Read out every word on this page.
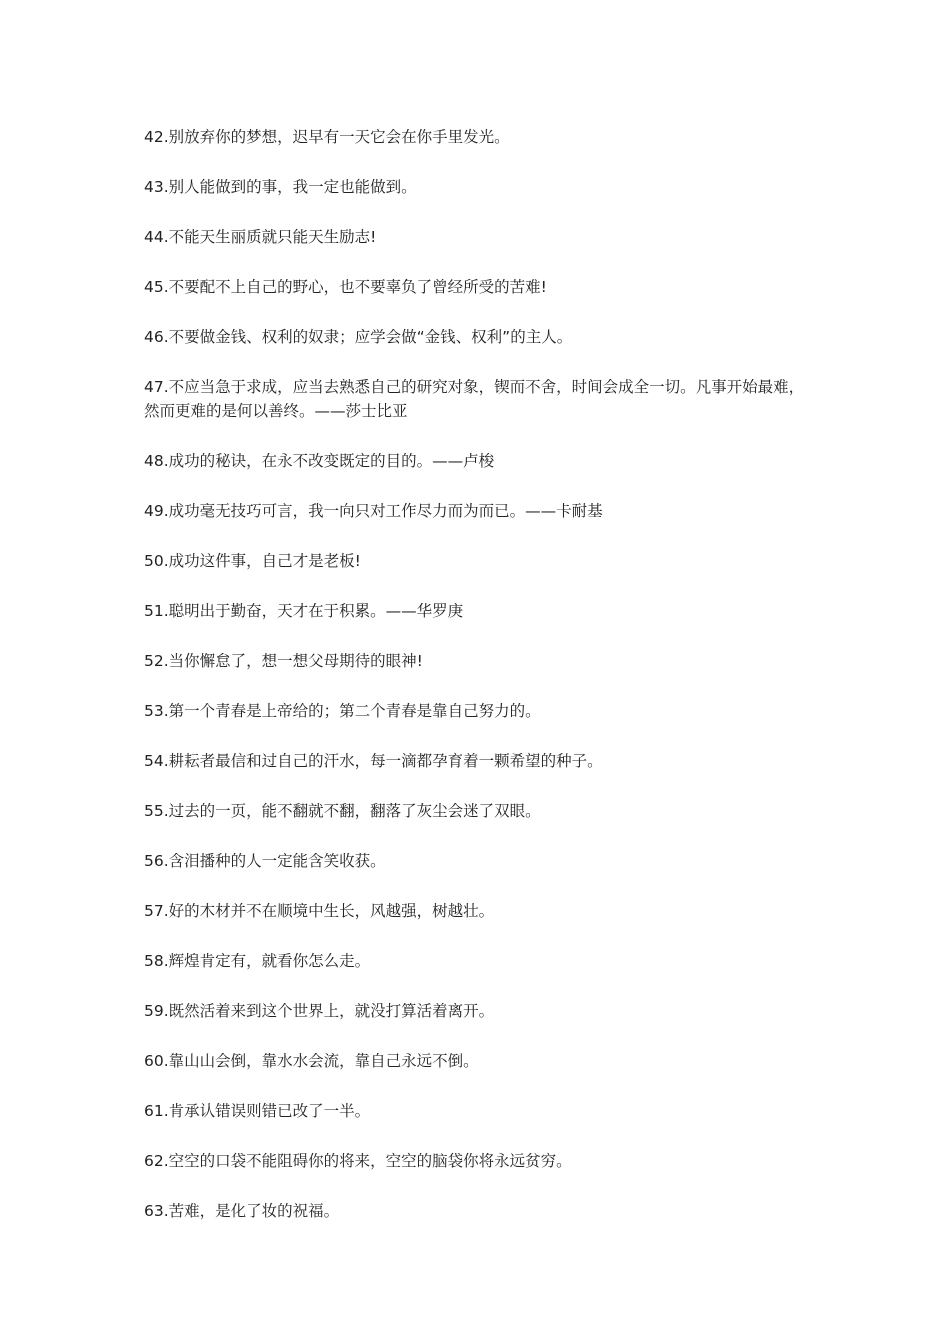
42.别放弃你的梦想，迟早有一天它会在你手里发光。

43.别人能做到的事，我一定也能做到。

44.不能天生丽质就只能天生励志!

45.不要配不上自己的野心，也不要辜负了曾经所受的苦难!

46.不要做金钱、权利的奴隶；应学会做“金钱、权利”的主人。

47.不应当急于求成，应当去熟悉自己的研究对象，锲而不舍，时间会成全一切。凡事开始最难，然而更难的是何以善终。——莎士比亚

48.成功的秘诀，在永不改变既定的目的。——卢梭

49.成功毫无技巧可言，我一向只对工作尽力而为而已。——卡耐基

50.成功这件事，自己才是老板!

51.聪明出于勤奋，天才在于积累。——华罗庚

52.当你懈怠了，想一想父母期待的眼神!

53.第一个青春是上帝给的；第二个青春是靠自己努力的。

54.耕耘者最信和过自己的汗水，每一滴都孕育着一颗希望的种子。

55.过去的一页，能不翻就不翻，翻落了灰尘会迷了双眼。

56.含泪播种的人一定能含笑收获。

57.好的木材并不在顺境中生长，风越强，树越壮。

58.辉煌肯定有，就看你怎么走。

59.既然活着来到这个世界上，就没打算活着离开。

60.靠山山会倒，靠水水会流，靠自己永远不倒。

61.肯承认错误则错已改了一半。

62.空空的口袋不能阻碍你的将来，空空的脑袋你将永远贫穷。

63.苦难，是化了妆的祝福。
